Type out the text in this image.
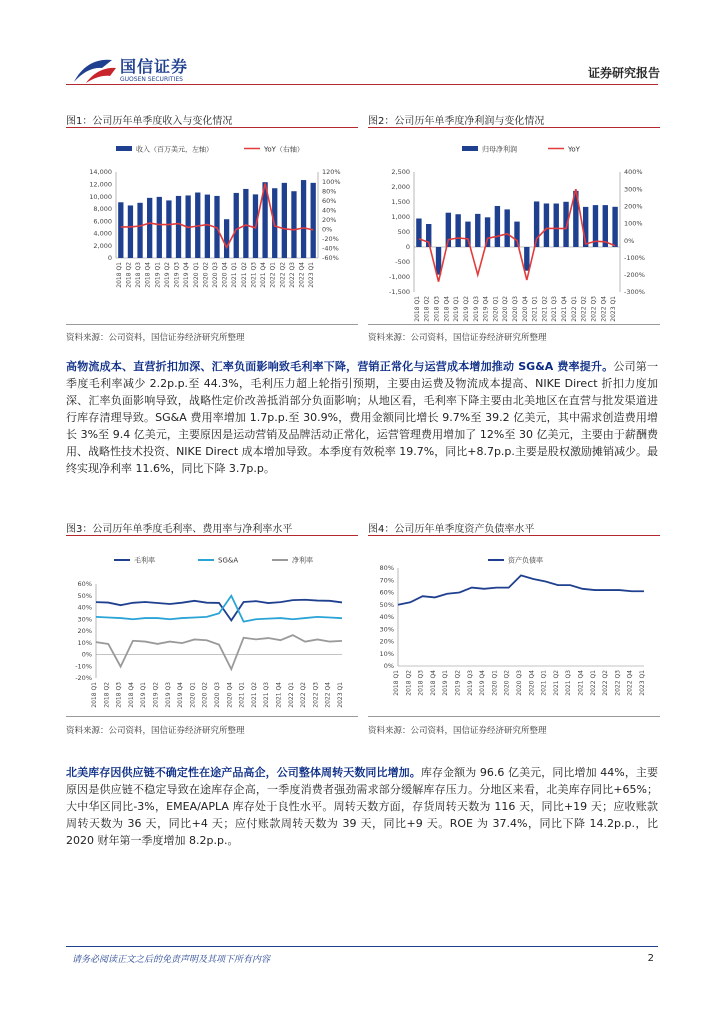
国信证券
GUOSEN SECURITIES	证券研究报告
图1：公司历年单季度收入与变化情况
收入（百万美元，左轴）	YoY（右轴）
0
2,000
4,000
6,000
8,000
10,000
12,000
14,000
-60%
-40%
-20%
0%
20%
40%
60%
80%
100%
120%
2018 Q1 2018 Q2 2018 Q3 2018 Q4 2019 Q1 2019 Q2 2019 Q3 2019 Q4 2020 Q1 2020 Q2 2020 Q3 2020 Q4 2021 Q1 2021 Q2 2021 Q3 2021 Q4 2022 Q1 2022 Q2 2022 Q3 2022 Q4 2023 Q1
资料来源：公司资料，国信证券经济研究所整理
图2：公司历年单季度净利润与变化情况
归母净利润	YoY
-1,500
-1,000
-500
0
500
1,000
1,500
2,000
2,500
-300%
-200%
-100%
0%
100%
200%
300%
400%
2018 Q1 2018 Q2 2018 Q3 2018 Q4 2019 Q1 2019 Q2 2019 Q3 2019 Q4 2020 Q1 2020 Q2 2020 Q3 2020 Q4 2021 Q1 2021 Q2 2021 Q3 2021 Q4 2022 Q1 2022 Q2 2022 Q3 2022 Q4 2023 Q1
资料来源：公司资料，国信证券经济研究所整理
高物流成本、直营折扣加深、汇率负面影响致毛利率下降，营销正常化与运营成本增加推动 SG&A 费率提升。公司第一季度毛利率减少 2.2p.p.至 44.3%，毛利压力超上轮指引预期，主要由运费及物流成本提高、NIKE Direct 折扣力度加深、汇率负面影响导致，战略性定价改善抵消部分负面影响；从地区看，毛利率下降主要由北美地区在直营与批发渠道进行库存清理导致。SG&A 费用率增加 1.7p.p.至 30.9%，费用金额同比增长 9.7%至 39.2 亿美元，其中需求创造费用增长 3%至 9.4 亿美元，主要原因是运动营销及品牌活动正常化，运营管理费用增加了 12%至 30 亿美元，主要由于薪酬费用、战略性技术投资、NIKE Direct 成本增加导致。本季度有效税率 19.7%，同比+8.7p.p.主要是股权激励摊销减少。最终实现净利率 11.6%，同比下降 3.7p.p。
图3：公司历年单季度毛利率、费用率与净利率水平
毛利率	SG&A	净利率
-20%
-10%
0%
10%
20%
30%
40%
50%
60%
2018 Q1 2018 Q2 2018 Q3 2018 Q4 2019 Q1 2019 Q2 2019 Q3 2019 Q4 2020 Q1 2020 Q2 2020 Q3 2020 Q4 2021 Q1 2021 Q2 2021 Q3 2021 Q4 2022 Q1 2022 Q2 2022 Q3 2022 Q4 2023 Q1
资料来源：公司资料，国信证券经济研究所整理
图4：公司历年单季度资产负债率水平
资产负债率
0%
10%
20%
30%
40%
50%
60%
70%
80%
2018 Q1 2018 Q2 2018 Q3 2018 Q4 2019 Q1 2019 Q2 2019 Q3 2019 Q4 2020 Q1 2020 Q2 2020 Q3 2020 Q4 2021 Q1 2021 Q2 2021 Q3 2021 Q4 2022 Q1 2022 Q2 2022 Q3 2022 Q4 2023 Q1
资料来源：公司资料，国信证券经济研究所整理
北美库存因供应链不确定性在途产品高企，公司整体周转天数同比增加。库存金额为 96.6 亿美元，同比增加 44%，主要原因是供应链不稳定导致在途库存企高，一季度消费者强劲需求部分缓解库存压力。分地区来看，北美库存同比+65%；大中华区同比-3%，EMEA/APLA 库存处于良性水平。周转天数方面，存货周转天数为 116 天，同比+19 天；应收账款周转天数为 36 天，同比+4 天；应付账款周转天数为 39 天，同比+9 天。ROE 为 37.4%，同比下降 14.2p.p.，比 2020 财年第一季度增加 8.2p.p.。
请务必阅读正文之后的免责声明及其项下所有内容	2
